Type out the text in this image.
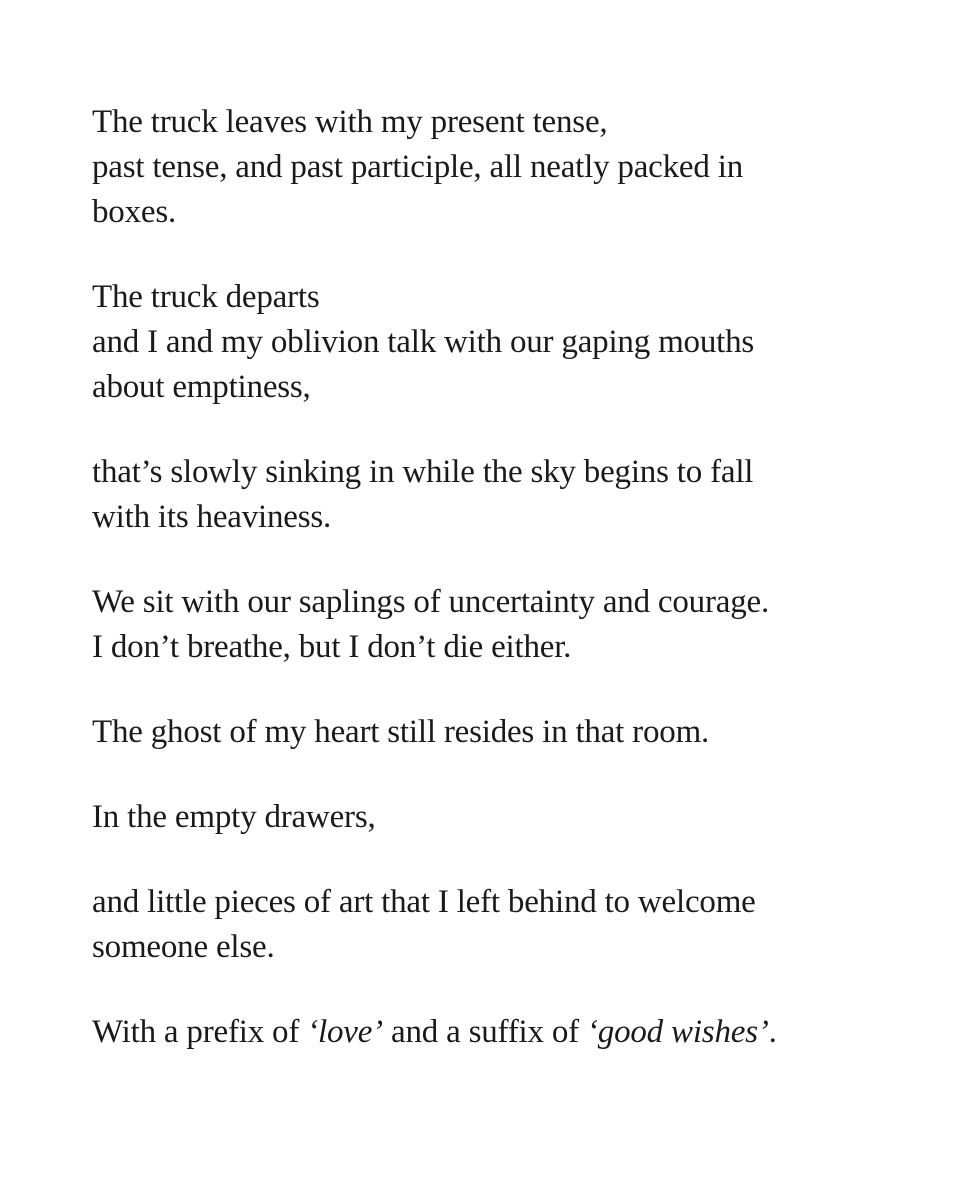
The truck leaves with my present tense,
past tense, and past participle, all neatly packed in
boxes.
The truck departs
and I and my oblivion talk with our gaping mouths
about emptiness,
that’s slowly sinking in while the sky begins to fall
with its heaviness.
We sit with our saplings of uncertainty and courage.
I don’t breathe, but I don’t die either.
The ghost of my heart still resides in that room.
In the empty drawers,
and little pieces of art that I left behind to welcome
someone else.
With a prefix of ‘love’ and a suffix of ‘good wishes’.
